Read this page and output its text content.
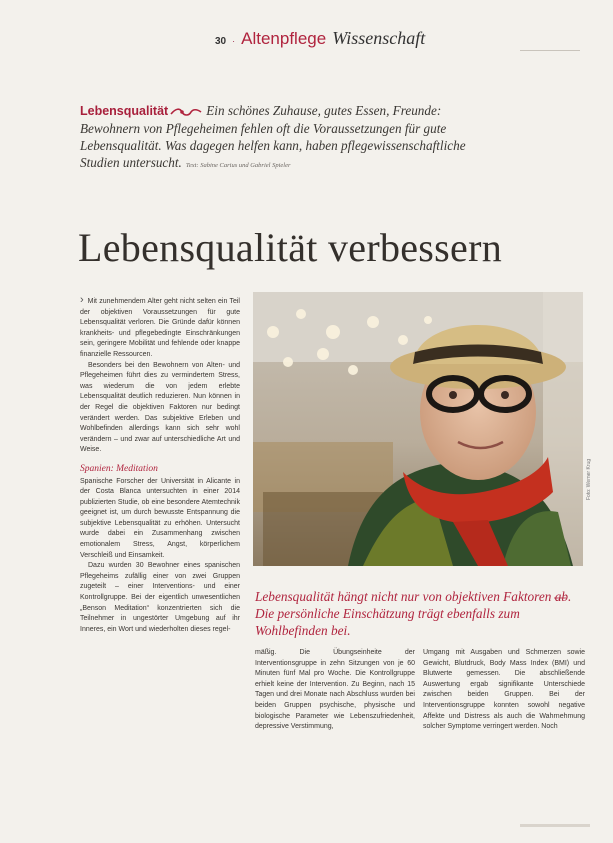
30 · Altenpflege Wissenschaft
Lebensqualität	Ein schönes Zuhause, gutes Essen, Freunde: Bewohnern von Pflegeheimen fehlen oft die Voraussetzungen für gute Lebensqualität. Was dagegen helfen kann, haben pflegewissenschaftliche Studien untersucht. Text: Sabine Carius und Gabriel Spieler
Lebensqualität verbessern

› Mit zunehmendem Alter geht nicht selten ein Teil der objektiven Voraussetzungen für gute Lebensqualität verloren. Die Gründe dafür können krankheits- und pflegebedingte Einschränkungen sein, geringere Mobilität und fehlende oder knappe finanzielle Ressourcen.

Besonders bei den Bewohnern von Alten- und Pflegeheimen führt dies zu vermindertem Stress, was wiederum die von jedem erlebte Lebensqualität deutlich reduzieren. Nun können in der Regel die objektiven Faktoren nur bedingt verändert werden. Das subjektive Erleben und Wohlbefinden allerdings kann sich sehr wohl verändern – und zwar auf unterschiedliche Art und Weise.

Spanien: Meditation

Spanische Forscher der Universität in Alicante in der Costa Blanca untersuchten in einer 2014 publizierten Studie, ob eine besondere Atemtechnik geeignet ist, um durch bewusste Entspannung die subjektive Lebensqualität zu erhöhen. Untersucht wurde dabei ein Zusammenhang zwischen emotionalem Stress, Angst, körperlichem Verschleiß und Einsamkeit.

Dazu wurden 30 Bewohner eines spanischen Pflegeheims zufällig einer von zwei Gruppen zugeteilt – einer Interventions- und einer Kontrollgruppe. Bei der eigentlich unwesentlichen „Benson Meditation“ konzentrierten sich die Teilnehmer in ungestörter Umgebung auf ihr Inneres, ein Wort und wiederholten dieses regel-

Foto: Werner Krug
Lebensqualität hängt nicht nur von objektiven Faktoren ab. Die persönliche Einschätzung trägt ebenfalls zum Wohlbefinden bei.

mäßig. Die Übungseinheite der Interventionsgruppe in zehn Sitzungen von je 60 Minuten fünf Mal pro Woche. Die Kontrollgruppe erhielt keine der Intervention. Zu Beginn, nach 15 Tagen und drei Monate nach Abschluss wurden bei beiden Gruppen psychische, physische und biologische Parameter wie Lebenszufriedenheit, depressive Verstimmung,

Umgang mit Ausgaben und Schmerzen sowie Gewicht, Blutdruck, Body Mass Index (BMI) und Blutwerte gemessen. Die abschließende Auswertung ergab signifikante Unterschiede zwischen beiden Gruppen. Bei der Interventionsgruppe konnten sowohl negative Affekte und Distress als auch die Wahrnehmung solcher Symptome verringert werden. Noch
